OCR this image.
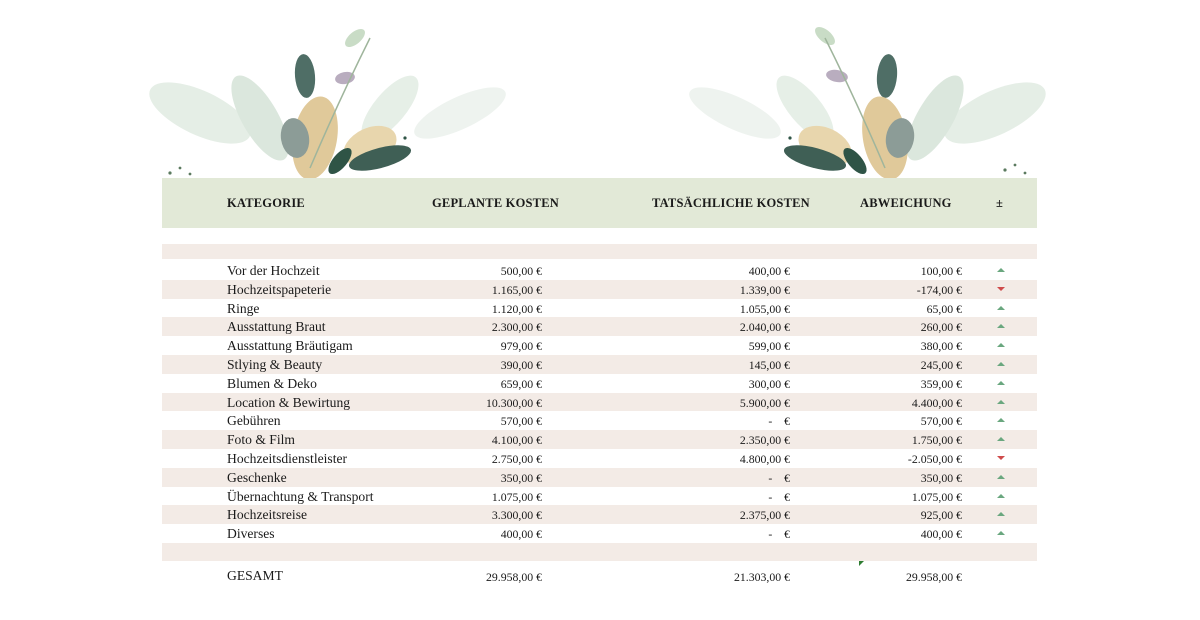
KATEGORIE	GEPLANTE KOSTEN	TATSÄCHLICHE KOSTEN	ABWEICHUNG	±
Vor der Hochzeit	500,00 €	400,00 €	100,00 €
Hochzeitspapeterie	1.165,00 €	1.339,00 €	-174,00 €
Ringe	1.120,00 €	1.055,00 €	65,00 €
Ausstattung Braut	2.300,00 €	2.040,00 €	260,00 €
Ausstattung Bräutigam	979,00 €	599,00 €	380,00 €
Stlying & Beauty	390,00 €	145,00 €	245,00 €
Blumen & Deko	659,00 €	300,00 €	359,00 €
Location & Bewirtung	10.300,00 €	5.900,00 €	4.400,00 €
Gebühren	570,00 €	-    €	570,00 €
Foto & Film	4.100,00 €	2.350,00 €	1.750,00 €
Hochzeitsdienstleister	2.750,00 €	4.800,00 €	-2.050,00 €
Geschenke	350,00 €	-    €	350,00 €
Übernachtung & Transport	1.075,00 €	-    €	1.075,00 €
Hochzeitsreise	3.300,00 €	2.375,00 €	925,00 €
Diverses	400,00 €	-    €	400,00 €
GESAMT	29.958,00 €	21.303,00 €	29.958,00 €
